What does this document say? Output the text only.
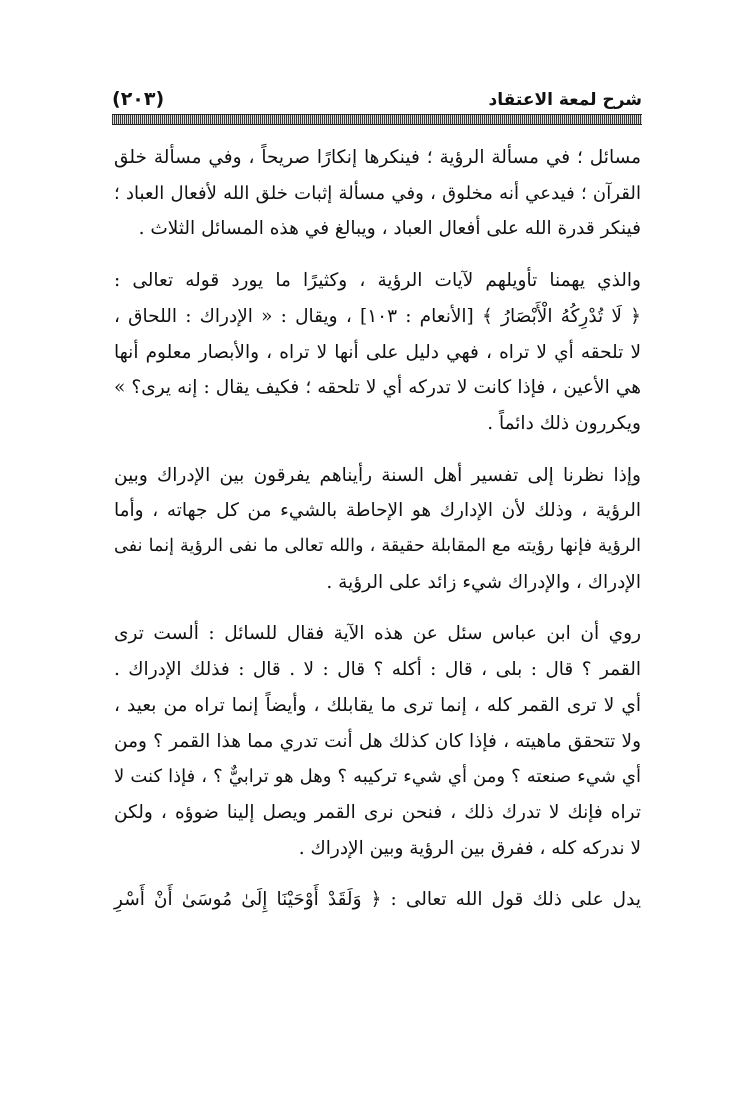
شرح لمعة الاعتقاد
(٢٠٣)
مسائل ؛ في مسألة الرؤية ؛ فينكرها إنكارًا صريحاً ، وفي مسألة خلق
القرآن ؛ فيدعي أنه مخلوق ، وفي مسألة إثبات خلق الله لأفعال العباد ؛
فينكر قدرة الله على أفعال العباد ، ويبالغ في هذه المسائل الثلاث .
والذي يهمنا تأويلهم لآيات الرؤية ، وكثيرًا ما يورد قوله تعالى :
﴿ لَا تُدْرِكُهُ الْأَبْصَارُ ﴾ [الأنعام : ١٠٣] ، ويقال : « الإدراك : اللحاق ،
لا تلحقه أي لا تراه ، فهي دليل على أنها لا تراه ، والأبصار معلوم أنها
هي الأعين ، فإذا كانت لا تدركه أي لا تلحقه ؛ فكيف يقال : إنه يرى؟ »
ويكررون ذلك دائماً .
وإذا نظرنا إلى تفسير أهل السنة رأيناهم يفرقون بين الإدراك وبين
الرؤية ، وذلك لأن الإدارك هو الإحاطة بالشيء من كل جهاته ، وأما
الرؤية فإنها رؤيته مع المقابلة حقيقة ، والله تعالى ما نفى الرؤية إنما نفى
الإدراك ، والإدراك شيء زائد على الرؤية .
روي أن ابن عباس سئل عن هذه الآية فقال للسائل : ألست ترى
القمر ؟ قال : بلى ، قال : أكله ؟ قال : لا . قال : فذلك الإدراك .
أي لا ترى القمر كله ، إنما ترى ما يقابلك ، وأيضاً إنما تراه من بعيد ،
ولا تتحقق ماهيته ، فإذا كان كذلك هل أنت تدري مما هذا القمر ؟ ومن
أي شيء صنعته ؟ ومن أي شيء تركيبه ؟ وهل هو ترابيٌّ ؟ ، فإذا كنت لا
تراه فإنك لا تدرك ذلك ، فنحن نرى القمر ويصل إلينا ضوؤه ، ولكن
لا ندركه كله ، ففرق بين الرؤية وبين الإدراك .
يدل على ذلك قول الله تعالى : ﴿ وَلَقَدْ أَوْحَيْنَا إِلَىٰ مُوسَىٰ أَنْ أَسْرِ
